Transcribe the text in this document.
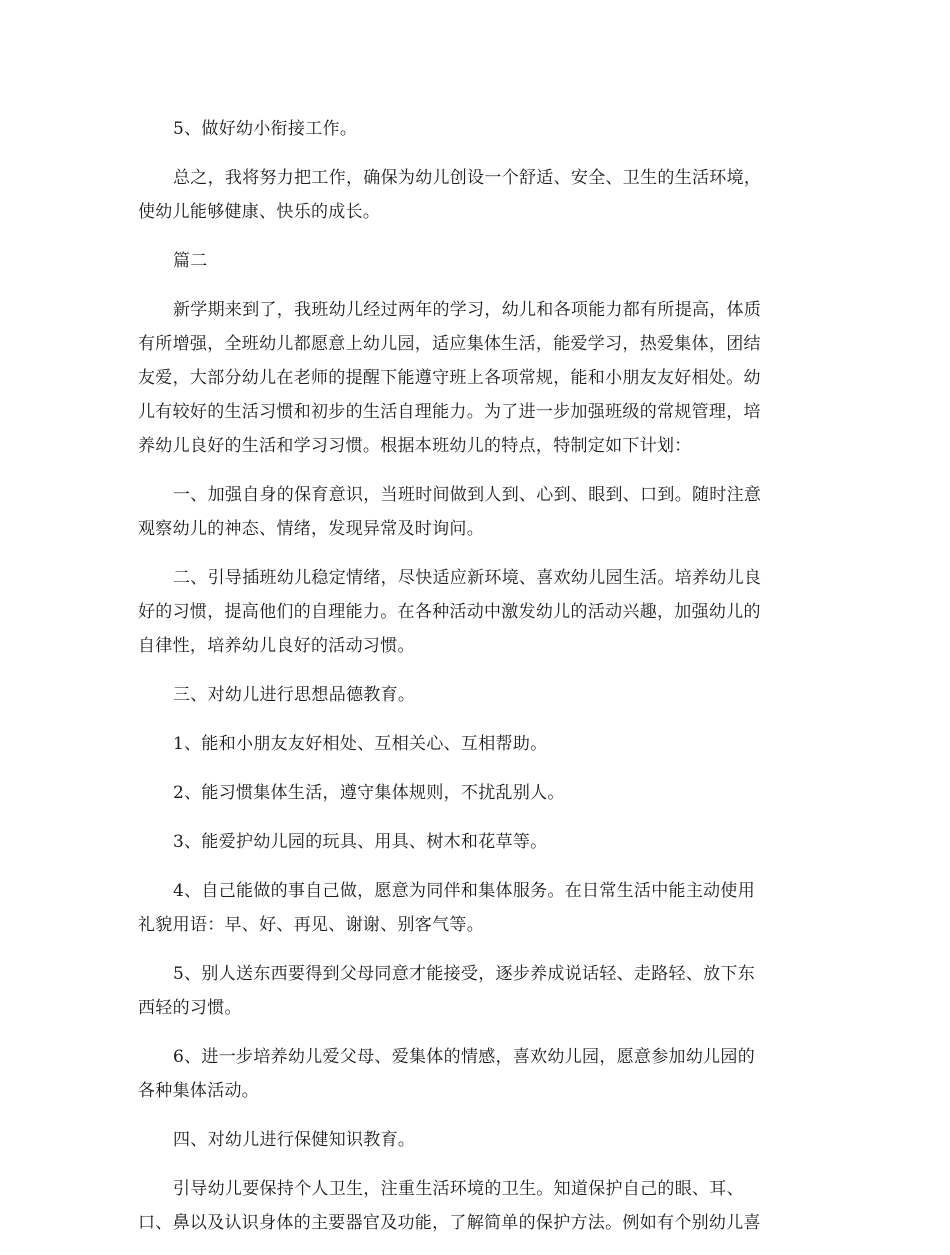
5、做好幼小衔接工作。

总之，我将努力把工作，确保为幼儿创设一个舒适、安全、卫生的生活环境，
使幼儿能够健康、快乐的成长。

篇二

新学期来到了，我班幼儿经过两年的学习，幼儿和各项能力都有所提高，体质
有所增强，全班幼儿都愿意上幼儿园，适应集体生活，能爱学习，热爱集体，团结
友爱，大部分幼儿在老师的提醒下能遵守班上各项常规，能和小朋友友好相处。幼
儿有较好的生活习惯和初步的生活自理能力。为了进一步加强班级的常规管理，培
养幼儿良好的生活和学习习惯。根据本班幼儿的特点，特制定如下计划：

一、加强自身的保育意识，当班时间做到人到、心到、眼到、口到。随时注意
观察幼儿的神态、情绪，发现异常及时询问。

二、引导插班幼儿稳定情绪，尽快适应新环境、喜欢幼儿园生活。培养幼儿良
好的习惯，提高他们的自理能力。在各种活动中激发幼儿的活动兴趣，加强幼儿的
自律性，培养幼儿良好的活动习惯。

三、对幼儿进行思想品德教育。

1、能和小朋友友好相处、互相关心、互相帮助。

2、能习惯集体生活，遵守集体规则，不扰乱别人。

3、能爱护幼儿园的玩具、用具、树木和花草等。

4、自己能做的事自己做，愿意为同伴和集体服务。在日常生活中能主动使用
礼貌用语：早、好、再见、谢谢、别客气等。

5、别人送东西要得到父母同意才能接受，逐步养成说话轻、走路轻、放下东
西轻的习惯。

6、进一步培养幼儿爱父母、爱集体的情感，喜欢幼儿园，愿意参加幼儿园的
各种集体活动。

四、对幼儿进行保健知识教育。

引导幼儿要保持个人卫生，注重生活环境的卫生。知道保护自己的眼、耳、
口、鼻以及认识身体的主要器官及功能，了解简单的保护方法。例如有个别幼儿喜
